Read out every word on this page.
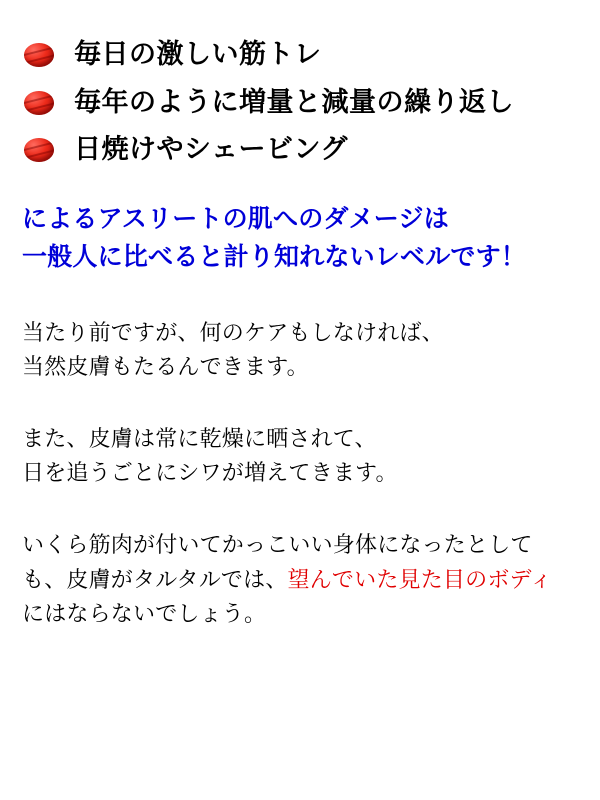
毎日の激しい筋トレ
毎年のように増量と減量の繰り返し
日焼けやシェービング
によるアスリートの肌へのダメージは
一般人に比べると計り知れないレベルです！

当たり前ですが、何のケアもしなければ、
当然皮膚もたるんできます。

また、皮膚は常に乾燥に晒されて、
日を追うごとにシワが増えてきます。

いくら筋肉が付いてかっこいい身体になったとして
も、皮膚がタルタルでは、望んでいた見た目のボディ
にはならないでしょう。
